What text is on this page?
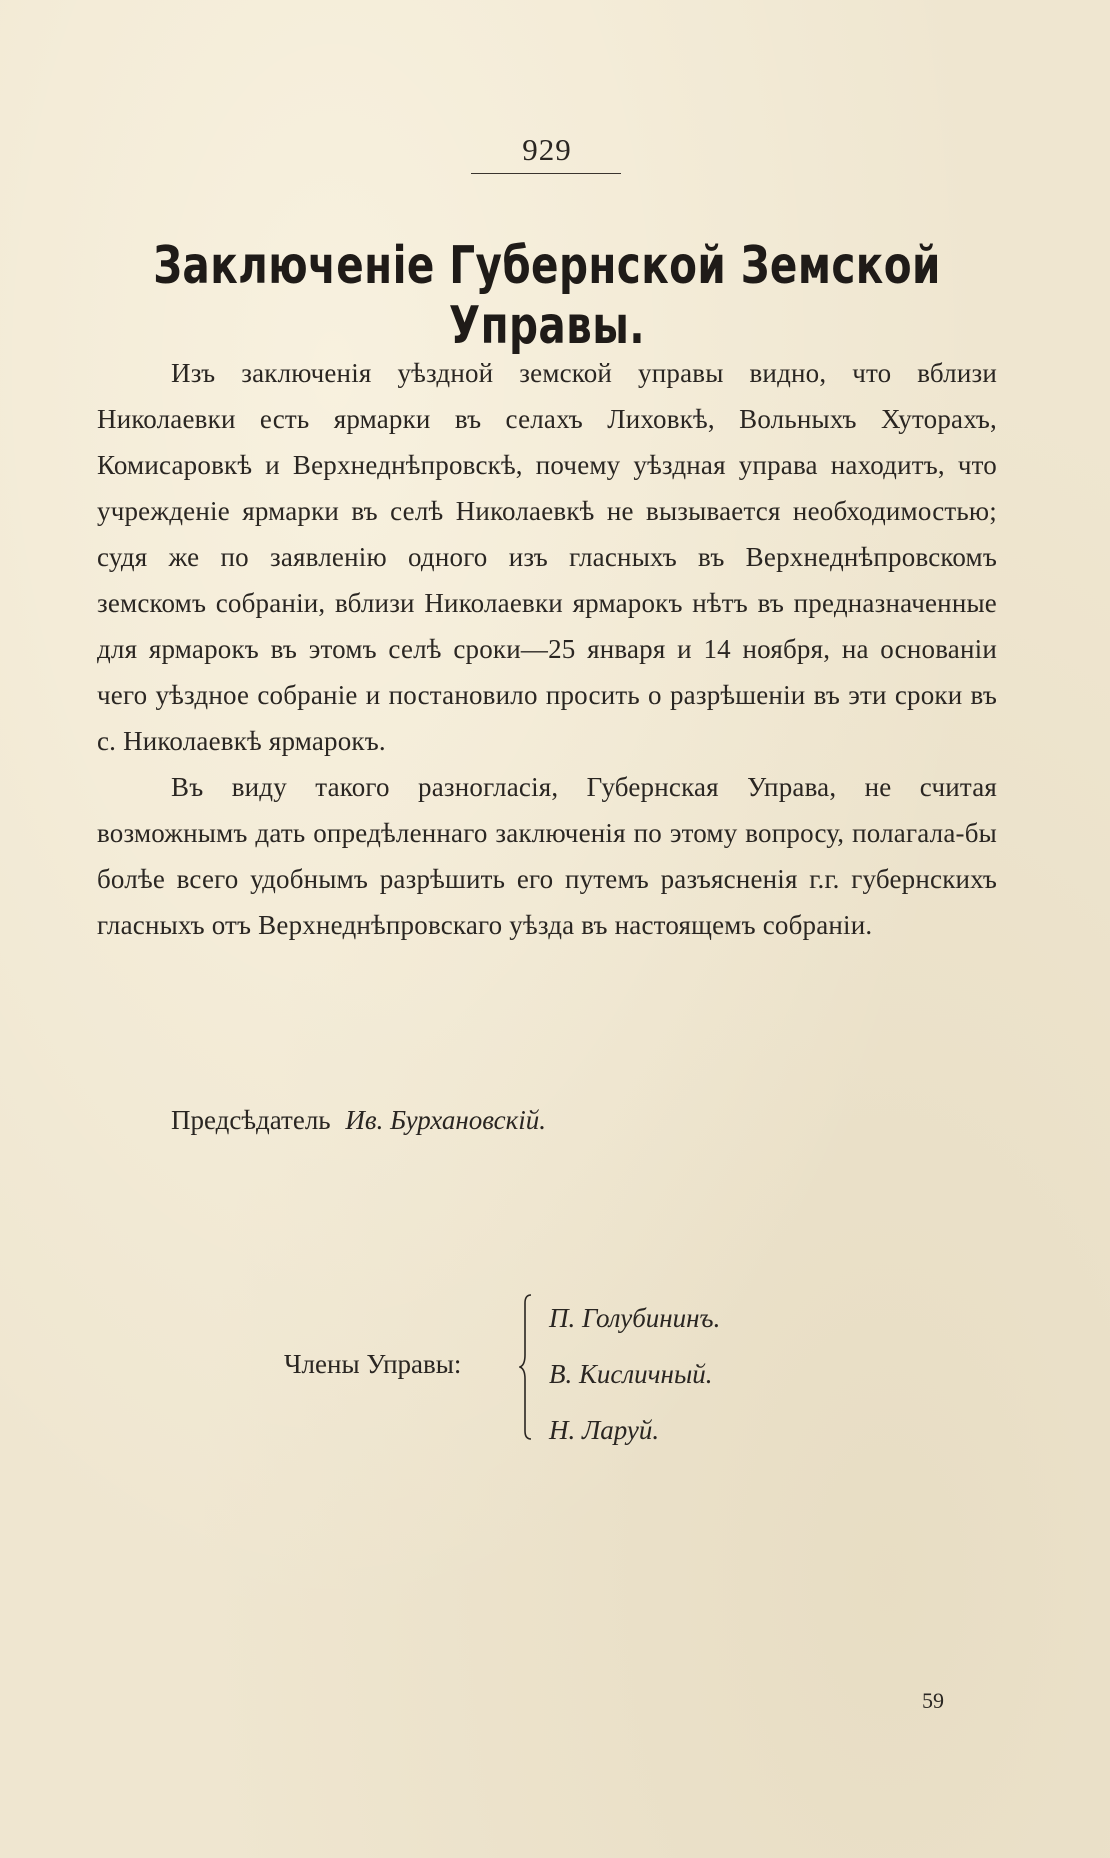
929
Заключеніе Губернской Земской Управы.

Изъ заключенія уѣздной земской управы видно, что вблизи Николаевки есть ярмарки въ селахъ Лиховкѣ, Вольныхъ Хуторахъ, Комисаровкѣ и Верхнеднѣпровскѣ, почему уѣздная управа находитъ, что учрежденіе ярмарки въ селѣ Николаевкѣ не вызывается необходимостью; судя же по заявленію одного изъ гласныхъ въ Верхнеднѣпровскомъ земскомъ собраніи, вблизи Николаевки ярмарокъ нѣтъ въ предназначенные для ярмарокъ въ этомъ селѣ сроки—25 января и 14 ноября, на основаніи чего уѣздное собраніе и постановило просить о разрѣшеніи въ эти сроки въ с. Николаевкѣ ярмарокъ.

Въ виду такого разногласія, Губернская Управа, не считая возможнымъ дать опредѣленнаго заключенія по этому вопросу, полагала-бы болѣе всего удобнымъ разрѣшить его путемъ разъясненія г.г. губернскихъ гласныхъ отъ Верхнеднѣпровскаго уѣзда въ настоящемъ собраніи.

Предсѣдатель Ив. Бурхановскій.
Члены Управы:
П. Голубининъ.
В. Кисличный.
Н. Ларуй.
59
